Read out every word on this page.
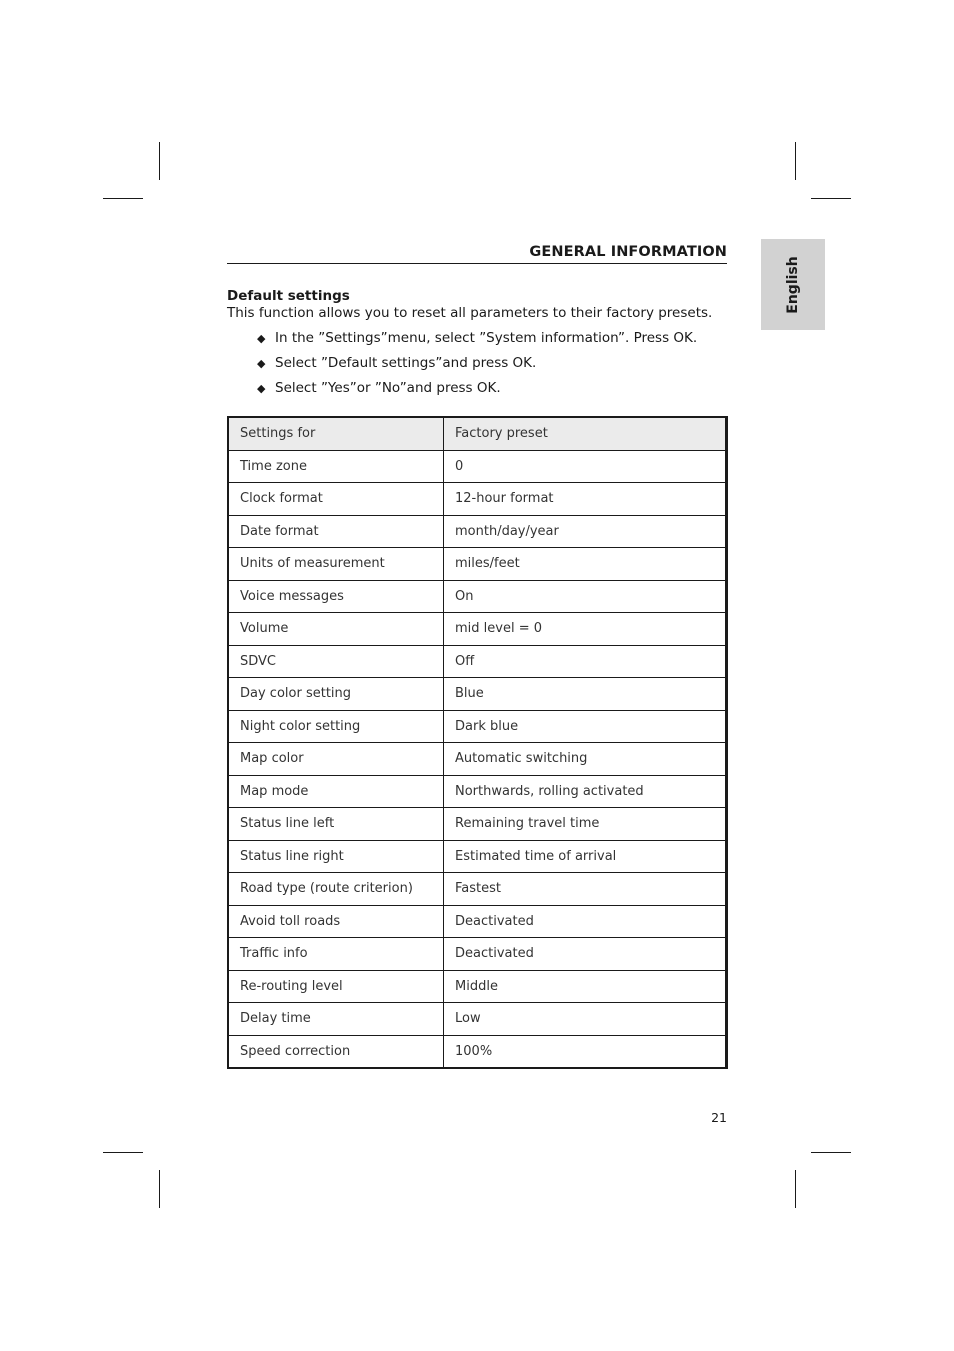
GENERAL INFORMATION
English
Default settings
This function allows you to reset all parameters to their factory presets.
◆ In the ”Settings”menu, select ”System information”. Press OK.
◆ Select ”Default settings”and press OK.
◆ Select ”Yes”or ”No”and press OK.
Settings for	Factory preset
Time zone	0
Clock format	12-hour format
Date format	month/day/year
Units of measurement	miles/feet
Voice messages	On
Volume	mid level = 0
SDVC	Off
Day color setting	Blue
Night color setting	Dark blue
Map color	Automatic switching
Map mode	Northwards, rolling activated
Status line left	Remaining travel time
Status line right	Estimated time of arrival
Road type (route criterion)	Fastest
Avoid toll roads	Deactivated
Traffic info	Deactivated
Re-routing level	Middle
Delay time	Low
Speed correction	100%
21
